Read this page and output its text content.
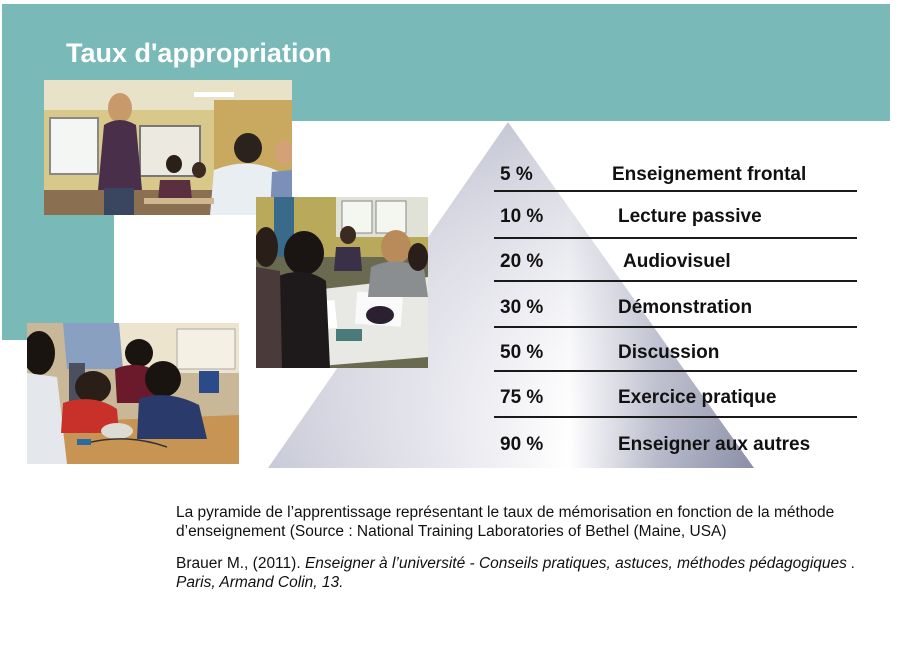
Taux d'appropriation
5 %	Enseignement frontal
10 %	Lecture passive
20 %	Audiovisuel
30 %	Démonstration
50 %	Discussion
75 %	Exercice pratique
90 %	Enseigner aux autres
La pyramide de l’apprentissage représentant le taux de mémorisation en fonction de la méthode d’enseignement (Source : National Training Laboratories of Bethel (Maine, USA)
Brauer M., (2011). Enseigner à l’université - Conseils pratiques, astuces, méthodes pédagogiques . Paris, Armand Colin, 13.
